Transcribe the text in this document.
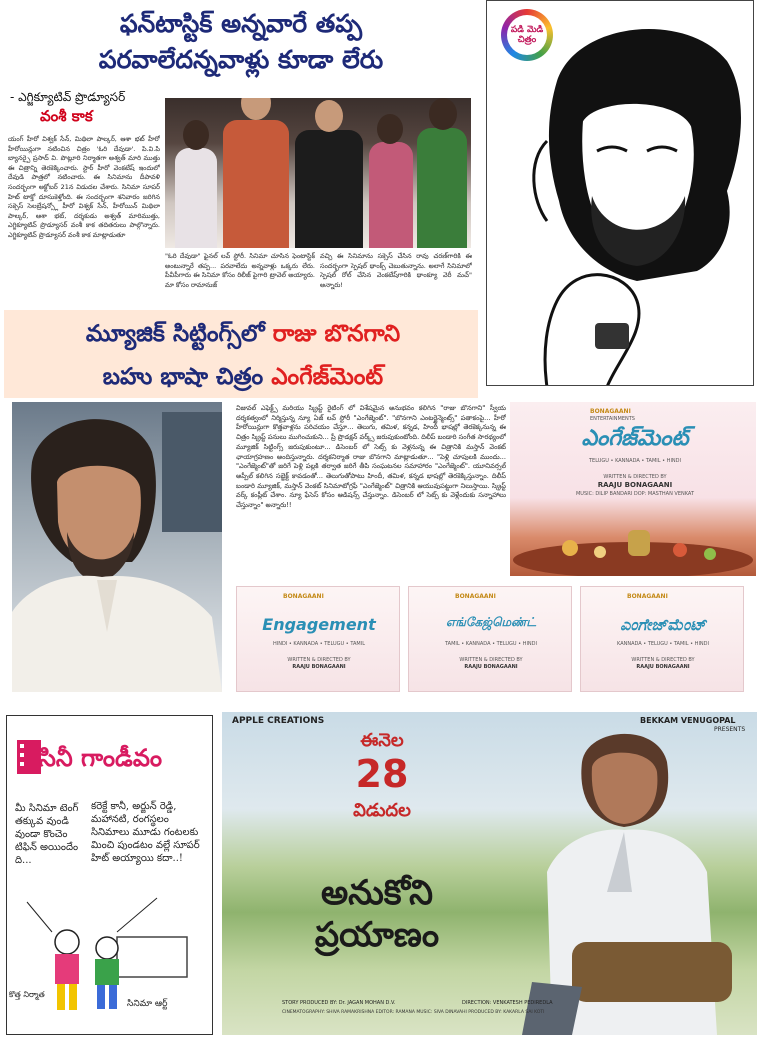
ఫన్‌టాస్టిక్ అన్నవారే తప్ప
పరవాలేదన్నవాళ్లు కూడా లేరు
- ఎగ్జిక్యూటివ్ ప్రొడ్యూసర్
వంశీ కాక
యంగ్ హీరో విశ్వక్ సేన్, మిథిలా పాల్కర్, ఆశా భట్ హీరో హీరోయిన్లుగా నటించిన చిత్రం 'ఓరి దేవుడా'. పి.వి.పి బ్యానర్పై ప్రసాద్ వి. పొట్లూరి నిర్మాతగా అశ్వత్ మారి ముత్తు ఈ చిత్రాన్ని తెరకెక్కించారు. స్టార్ హీరో వెంకటేష్ ఇందులో దేవుడి పాత్రలో నటించారు. ఈ సినిమాను దీపావళి సందర్భంగా అక్టోబర్ 21న విడుదల చేశారు. సినిమా సూపర్ హిట్ టాక్తో దూసుకెళ్తోంది. ఈ సందర్భంగా శనివారం జరిగిన సక్సెస్ సెలబ్రేషన్స్లో హీరో విశ్వక్ సేన్, హీరోయిన్ మిథిలా పాల్కర్, ఆశా భట్, దర్శకుడు అశ్వత్ మారిముత్తు, ఎగ్జిక్యూటివ్ ప్రొడ్యూసర్ వంశీ కాక తదితరులు పాల్గొన్నారు. ఎగ్జిక్యూటివ్ ప్రొడ్యూసర్ వంశీ కాక మాట్లాడుతూ
"ఓరి దేవుడా" ఫైనల్ లవ్ స్టోరీ. సినిమా చూసిన ఫెంటాస్టిక్ అంటున్నారే తప్ప... పరవాలేదు అన్నవాళ్లు ఒక్కరు లేరు. పీవీపీగారు ఈ సినిమా కోసం రిలీజ్ పైగారి ట్రావెల్ అయ్యారు. మా కోసం రామానుజ్
వచ్చి ఈ సినిమాను సక్సెస్ చేసిన రావు చరణ్‌గారికి ఈ సందర్భంగా స్పెషల్ థాంక్స్ చెబుతున్నాను. అలాగే సినిమాలో స్పెషల్ రోల్ చేసిన వెంకటేష్‌గారికి థాంక్యూ వెరీ మచ్" అన్నారు!
పడి మెడి చిత్రం
మ్యూజిక్ సిట్టింగ్స్‌లో రాజు బొనగాని
బహు భాషా చిత్రం ఎంగేజ్‌మెంట్
విజువల్ ఎఫెక్ట్స్ మరియు స్క్రిప్ట్ రైటింగ్ లో విశేషమైన అనుభవం కలిగిన "రాజు బొనగాని" స్వీయ దర్శకత్వంలో నిర్మిస్తున్న న్యూ ఏజ్ లవ్ స్టోరీ "ఎంగేజ్మెంట్". "బొనగాని ఎంటర్టైన్మెంట్స్" పతాకంపై... హీరో హీరోయిన్లుగా కొత్తవాళ్లను పరిచయం చేస్తూ... తెలుగు, తమిళ, కన్నడ, హిందీ భాషల్లో తెరకెక్కనున్న ఈ చిత్రం స్క్రిప్ట్ పనులు ముగించుకుని... ప్రీ ప్రొడక్షన్ వర్క్స్ జరుపుకుంటోంది. దిలీప్ బండారి సంగీత సారథ్యంలో మ్యూజిక్ సిట్టింగ్స్ జరుపుకుంటూ... డిసెంబర్ లో సెట్స్ కు వెళ్లనున్న ఈ చిత్రానికి మస్తాన్ వెంకట్ ఛాయాగ్రహణం అందిస్తున్నారు. దర్శకనిర్మాత రాజు బొనగాని మాట్లాడుతూ... "పెళ్లి చూపులకి ముందు... "ఎంగేజ్మెంట్"తో జరిగే పెళ్లి పల్లకి తర్వాత జరిగే తీపి సంఘటనల సమాహారం "ఎంగేజ్మెంట్". యూనివర్సల్ అప్పీల్ కలిగిన సబ్జెక్ట్ కావడంతో... తెలుగుతోపాటు హిందీ, తమిళ, కన్నడ భాషల్లో తెరకెక్కిస్తున్నాం. దిలీప్ బండారి మ్యూజిక్, మస్తాన్ వెంకట్ సినిమాటోగ్రఫీ "ఎంగేజ్మెంట్" చిత్రానికి ఆయువుపట్టుగా నిలుస్తాయి. స్క్రిప్ట్ వర్క్ కంప్లీట్ చేశాం. న్యూ ఫేసెస్ కోసం ఆడిషన్స్ చేస్తున్నాం. డిసెంబర్ లో సెట్స్ కు వెళ్లేందుకు సన్నాహాలు చేస్తున్నాం" అన్నారు!!
BONAGAANI
ENTERTAINMENTS
ఎంగేజ్‌మెంట్
TELUGU • KANNADA • TAMIL • HINDI
WRITTEN & DIRECTED BY
RAAJU BONAGAANI
MUSIC: DILIP BANDARI DOP: MASTHAN VENKAT
BONAGAANI
Engagement
HINDI • KANNADA • TELUGU • TAMIL
WRITTEN & DIRECTED BY
RAAJU BONAGAANI
BONAGAANI
எங்கேஜ்மெண்ட்
TAMIL • KANNADA • TELUGU • HINDI
WRITTEN & DIRECTED BY
RAAJU BONAGAANI
BONAGAANI
ಎಂಗೇಜ್‌ಮೆಂಟ್
KANNADA • TELUGU • TAMIL • HINDI
WRITTEN & DIRECTED BY
RAAJU BONAGAANI
సినీ గాండీవం
మీ సినిమా టెంగ్ తక్కువ వుండి వుండా కొంచెం టిఫిన్ అయిందేం ది...
కరెక్టే కానీ, అర్జున్ రెడ్డి, మహానటి, రంగస్థలం సినిమాలు మూడు గంటలకు మించి పుండటం వల్లే సూపర్ హిట్ అయ్యాయి కదా..!
కొత్త నిర్మాత
సినిమా ఆర్ట్
APPLE CREATIONS	BEKKAM VENUGOPAL
PRESENTS
ఈనెల
28
విడుదల
అనుకోని ప్రయాణం
STORY PRODUCED BY: Dr. JAGAN MOHAN D.V.	DIRECTION: VENKATESH PEDIREDLA
CINEMATOGRAPHY: SHIVA RAMAKRISHNA EDITOR: RAMANA MUSIC: SIVA DINAVAHI PRODUCED BY: KAKARLA SAI KOTI
